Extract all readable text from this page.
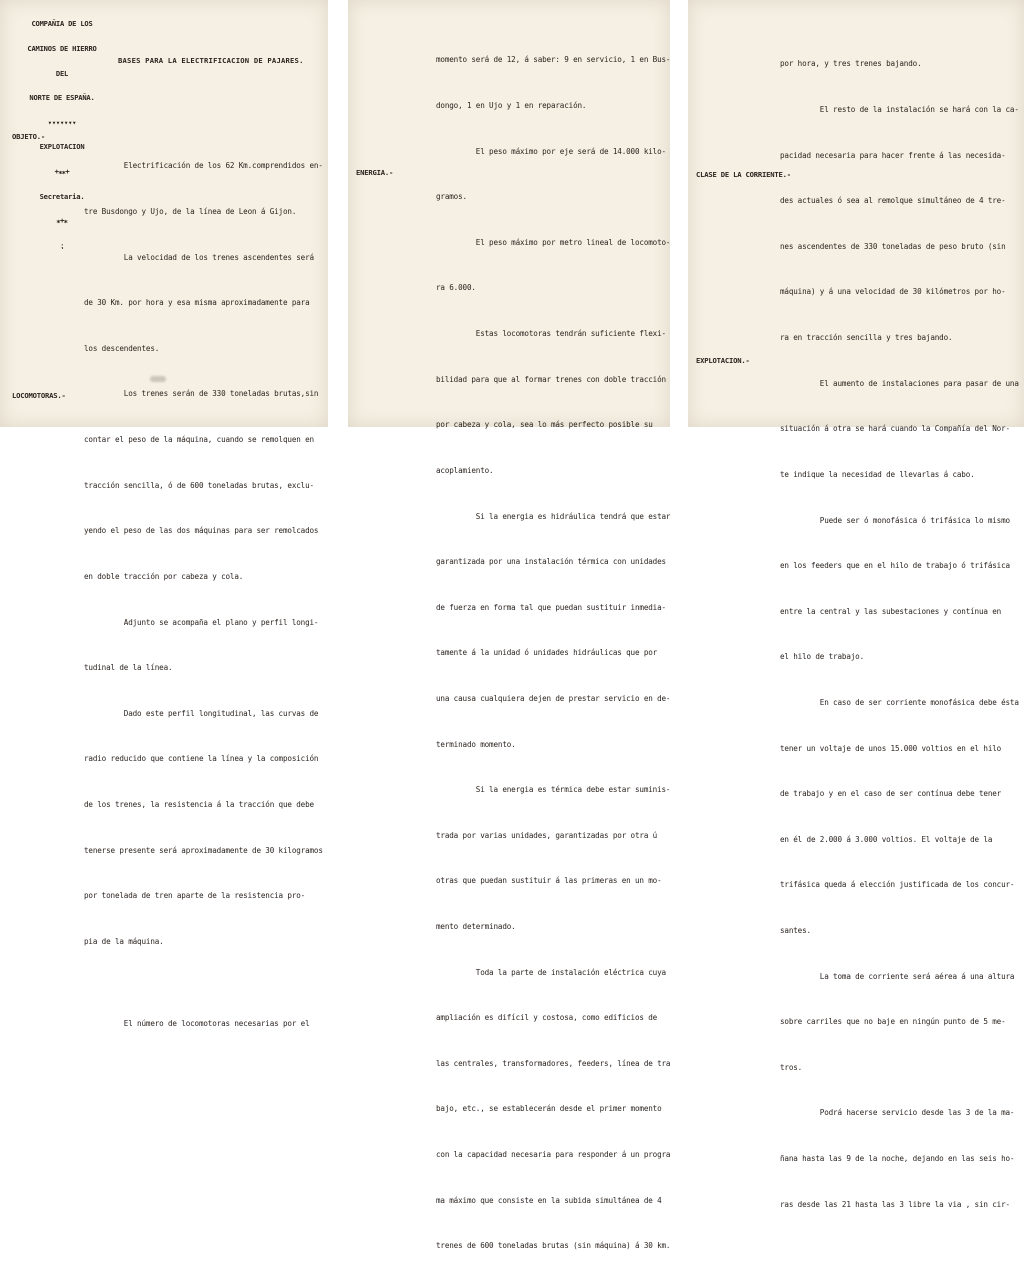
COMPAÑIA DE LOS

CAMINOS DE HIERRO

DEL

NORTE DE ESPAÑA.

▾▾▾▾▾▾▾

EXPLOTACION

+⁎⁎+

Secretaria.

⁎+⁎

⁏

BASES PARA LA ELECTRIFICACION DE PAJARES.
OBJETO.-
LOCOMOTORAS.-

Electrificación de los 62 Km.comprendidos en-

tre Busdongo y Ujo, de la línea de Leon á Gijon.

La velocidad de los trenes ascendentes será

de 30 Km. por hora y esa misma aproximadamente para

los descendentes.

Los trenes serán de 330 toneladas brutas,sin

contar el peso de la máquina, cuando se remolquen en

tracción sencilla, ó de 600 toneladas brutas, exclu-

yendo el peso de las dos máquinas para ser remolcados

en doble tracción por cabeza y cola.

Adjunto se acompaña el plano y perfil longi-

tudinal de la línea.

Dado este perfil longitudinal, las curvas de

radio reducido que contiene la línea y la composición

de los trenes, la resistencia á la tracción que debe

tenerse presente será aproximadamente de 30 kilogramos

por tonelada de tren aparte de la resistencia pro-

pia de la máquina.

El número de locomotoras necesarias por el

ENERGIA.-

momento será de 12, á saber: 9 en servicio, 1 en Bus-

dongo, 1 en Ujo y 1 en reparación.

El peso máximo por eje será de 14.000 kilo-

gramos.

El peso máximo por metro lineal de locomoto-

ra 6.000.

Estas locomotoras tendrán suficiente flexi-

bilidad para que al formar trenes con doble tracción

por cabeza y cola, sea lo más perfecto posible su

acoplamiento.

Si la energia es hidráulica tendrá que estar

garantizada por una instalación térmica con unidades

de fuerza en forma tal que puedan sustituir inmedia-

tamente á la unidad ó unidades hidráulicas que por

una causa cualquiera dejen de prestar servicio en de-

terminado momento.

Si la energia es térmica debe estar suminis-

trada por varias unidades, garantizadas por otra ú

otras que puedan sustituir á las primeras en un mo-

mento determinado.

Toda la parte de instalación eléctrica cuya

ampliación es difícil y costosa, como edificios de

las centrales, transformadores, feeders, línea de tra

bajo, etc., se establecerán desde el primer momento

con la capacidad necesaria para responder á un progra

ma máximo que consiste en la subida simultánea de 4

trenes de 600 toneladas brutas (sin máquina) á 30 km.

CLASE DE LA CORRIENTE.-
EXPLOTACION.-

por hora, y tres trenes bajando.

El resto de la instalación se hará con la ca-

pacidad necesaria para hacer frente á las necesida-

des actuales ó sea al remolque simultáneo de 4 tre-

nes ascendentes de 330 toneladas de peso bruto (sin

máquina) y á una velocidad de 30 kilómetros por ho-

ra en tracción sencilla y tres bajando.

El aumento de instalaciones para pasar de una

situación á otra se hará cuando la Compañía del Nor-

te indique la necesidad de llevarlas á cabo.

Puede ser ó monofásica ó trifásica lo mismo

en los feeders que en el hilo de trabajo ó trifásica

entre la central y las subestaciones y contínua en

el hilo de trabajo.

En caso de ser corriente monofásica debe ésta

tener un voltaje de unos 15.000 voltios en el hilo

de trabajo y en el caso de ser contínua debe tener

en él de 2.000 á 3.000 voltios. El voltaje de la

trifásica queda á elección justificada de los concur-

santes.

La toma de corriente será aérea á una altura

sobre carriles que no baje en ningún punto de 5 me-

tros.

Podrá hacerse servicio desde las 3 de la ma-

ñana hasta las 9 de la noche, dejando en las seis ho-

ras desde las 21 hasta las 3 libre la via , sin cir-
